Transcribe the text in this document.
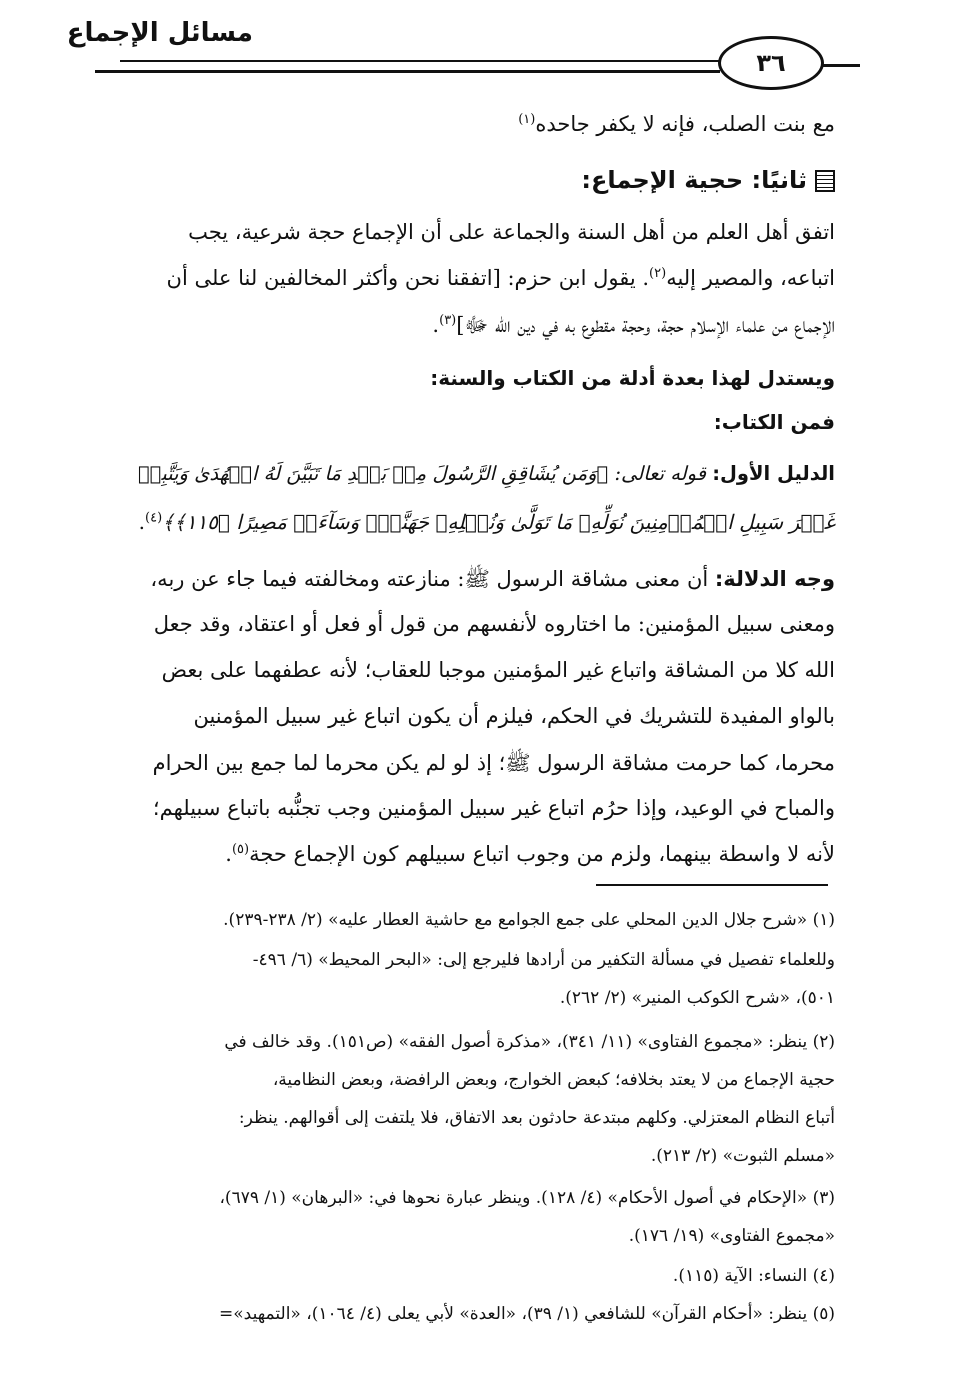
مسائل الإجماع
٣٦
مع بنت الصلب، فإنه لا يكفر جاحده$^{(١)}$
ثانيًا: حجية الإجماع:
اتفق أهل العلم من أهل السنة والجماعة على أن الإجماع حجة شرعية، يجب
اتباعه، والمصير إليه$^{(٢)}$. يقول ابن حزم: [اتفقنا نحن وأكثر المخالفين لنا على أن
الإجماع من علماء الإسلام حجة، وحجة مقطوع به في دين الله ﷻ]$^{(٣)}$.
ويستدل لهذا بعدة أدلة من الكتاب والسنة:
فمن الكتاب:
الدليل الأول: قوله تعالى: ﴿وَمَن يُشَاقِقِ الرَّسُولَ مِنۢ بَعۡدِ مَا تَبَيَّنَ لَهُ الۡهُدَىٰ وَيَتَّبِعۡ
غَيۡرَ سَبِيلِ الۡمُؤۡمِنِينَ نُوَلِّهِۦ مَا تَوَلَّىٰ وَنُصۡلِهِۦ جَهَنَّمَۖ وَسَآءَتۡ مَصِيرًا ﴿١١٥﴾﴾$^{(٤)}$.
وجه الدلالة: أن معنى مشاقة الرسول ﷺ: منازعته ومخالفته فيما جاء عن ربه،
ومعنى سبيل المؤمنين: ما اختاروه لأنفسهم من قول أو فعل أو اعتقاد، وقد جعل
الله كلا من المشاقة واتباع غير المؤمنين موجبا للعقاب؛ لأنه عطفهما على بعض
بالواو المفيدة للتشريك في الحكم، فيلزم أن يكون اتباع غير سبيل المؤمنين
محرما، كما حرمت مشاقة الرسول ﷺ؛ إذ لو لم يكن محرما لما جمع بين الحرام
والمباح في الوعيد، وإذا حرُم اتباع غير سبيل المؤمنين وجب تجنُّبه باتباع سبيلهم؛
لأنه لا واسطة بينهما، ولزم من وجوب اتباع سبيلهم كون الإجماع حجة$^{(٥)}$.
(١) «شرح جلال الدين المحلي على جمع الجوامع مع حاشية العطار عليه» (٢/ ٢٣٨-٢٣٩).
وللعلماء تفصيل في مسألة التكفير من أرادها فليرجع إلى: «البحر المحيط» (٦/ ٤٩٦-
٥٠١)، «شرح الكوكب المنير» (٢/ ٢٦٢).
(٢) ينظر: «مجموع الفتاوى» (١١/ ٣٤١)، «مذكرة أصول الفقه» (ص١٥١). وقد خالف في
حجية الإجماع من لا يعتد بخلافه؛ كبعض الخوارج، وبعض الرافضة، وبعض النظامية،
أتباع النظام المعتزلي. وكلهم مبتدعة حادثون بعد الاتفاق، فلا يلتفت إلى أقوالهم. ينظر:
«مسلم الثبوت» (٢/ ٢١٣).
(٣) «الإحكام في أصول الأحكام» (٤/ ١٢٨). وينظر عبارة نحوها في: «البرهان» (١/ ٦٧٩)،
«مجموع الفتاوى» (١٩/ ١٧٦).
(٤) النساء: الآية (١١٥).
(٥) ينظر: «أحكام القرآن» للشافعي (١/ ٣٩)، «العدة» لأبي يعلى (٤/ ١٠٦٤)، «التمهيد»=
